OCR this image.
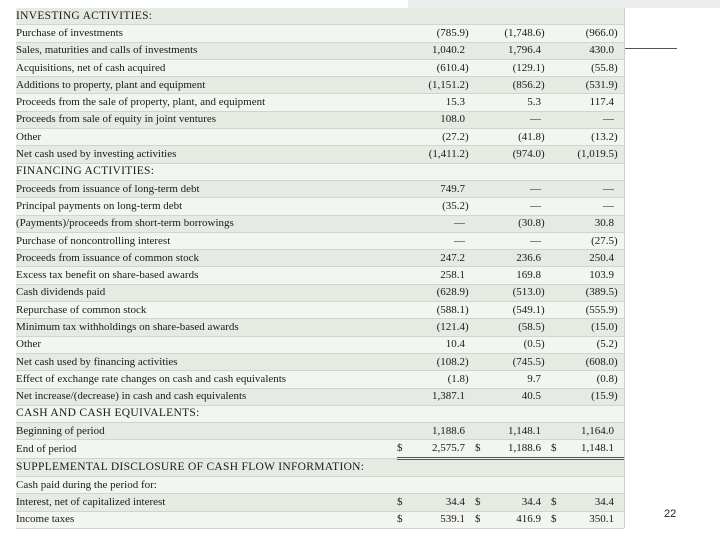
INVESTING ACTIVITIES:									
Purchase of investments		(785.9	)		(1,748.6	)		(966.0	)
Sales, maturities and calls of investments		1,040.2			1,796.4			430.0	
Acquisitions, net of cash acquired		(610.4	)		(129.1	)		(55.8	)
Additions to property, plant and equipment		(1,151.2	)		(856.2	)		(531.9	)
Proceeds from the sale of property, plant, and equipment		15.3			5.3			117.4	
Proceeds from sale of equity in joint ventures		108.0			—			—	
Other		(27.2	)		(41.8	)		(13.2	)
Net cash used by investing activities		(1,411.2	)		(974.0	)		(1,019.5	)
FINANCING ACTIVITIES:									
Proceeds from issuance of long-term debt		749.7			—			—	
Principal payments on long-term debt		(35.2	)		—			—	
(Payments)/proceeds from short-term borrowings		—			(30.8	)		30.8	
Purchase of noncontrolling interest		—			—			(27.5	)
Proceeds from issuance of common stock		247.2			236.6			250.4	
Excess tax benefit on share-based awards		258.1			169.8			103.9	
Cash dividends paid		(628.9	)		(513.0	)		(389.5	)
Repurchase of common stock		(588.1	)		(549.1	)		(555.9	)
Minimum tax withholdings on share-based awards		(121.4	)		(58.5	)		(15.0	)
Other		10.4			(0.5	)		(5.2	)
Net cash used by financing activities		(108.2	)		(745.5	)		(608.0	)
Effect of exchange rate changes on cash and cash equivalents		(1.8	)		9.7			(0.8	)
Net increase/(decrease) in cash and cash equivalents		1,387.1			40.5			(15.9	)
CASH AND CASH EQUIVALENTS:									
Beginning of period		1,188.6			1,148.1			1,164.0	
End of period	$	2,575.7		$	1,188.6		$	1,148.1	
SUPPLEMENTAL DISCLOSURE OF CASH FLOW INFORMATION:									
Cash paid during the period for:									
Interest, net of capitalized interest	$	34.4		$	34.4		$	34.4	
Income taxes	$	539.1		$	416.9		$	350.1		22
